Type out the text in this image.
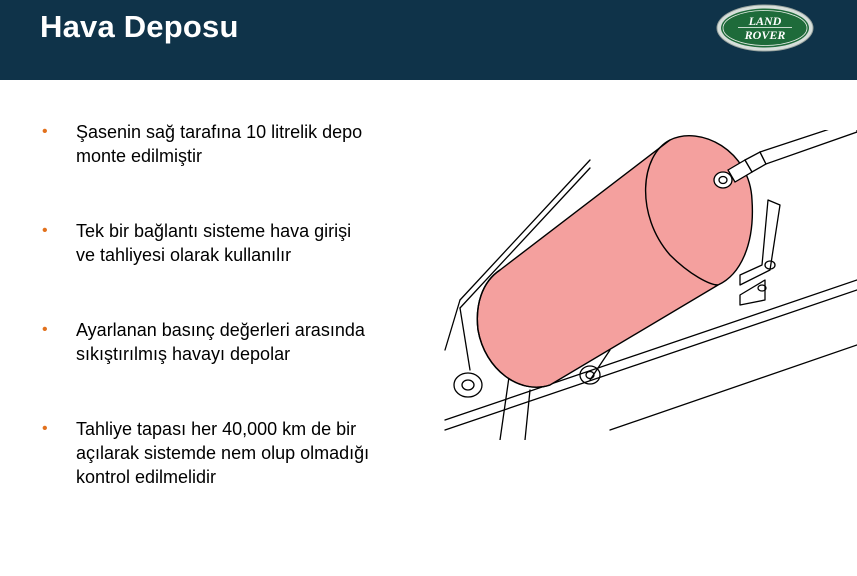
Hava Deposu	LAND
ROVER
• Şasenin sağ tarafına 10 litrelik depo
monte edilmiştir
• Tek bir bağlantı sisteme hava girişi
ve tahliyesi olarak kullanılır
• Ayarlanan basınç değerleri arasında
sıkıştırılmış havayı depolar
• Tahliye tapası her 40,000 km de bir
açılarak sistemde nem olup olmadığı
kontrol edilmelidir
